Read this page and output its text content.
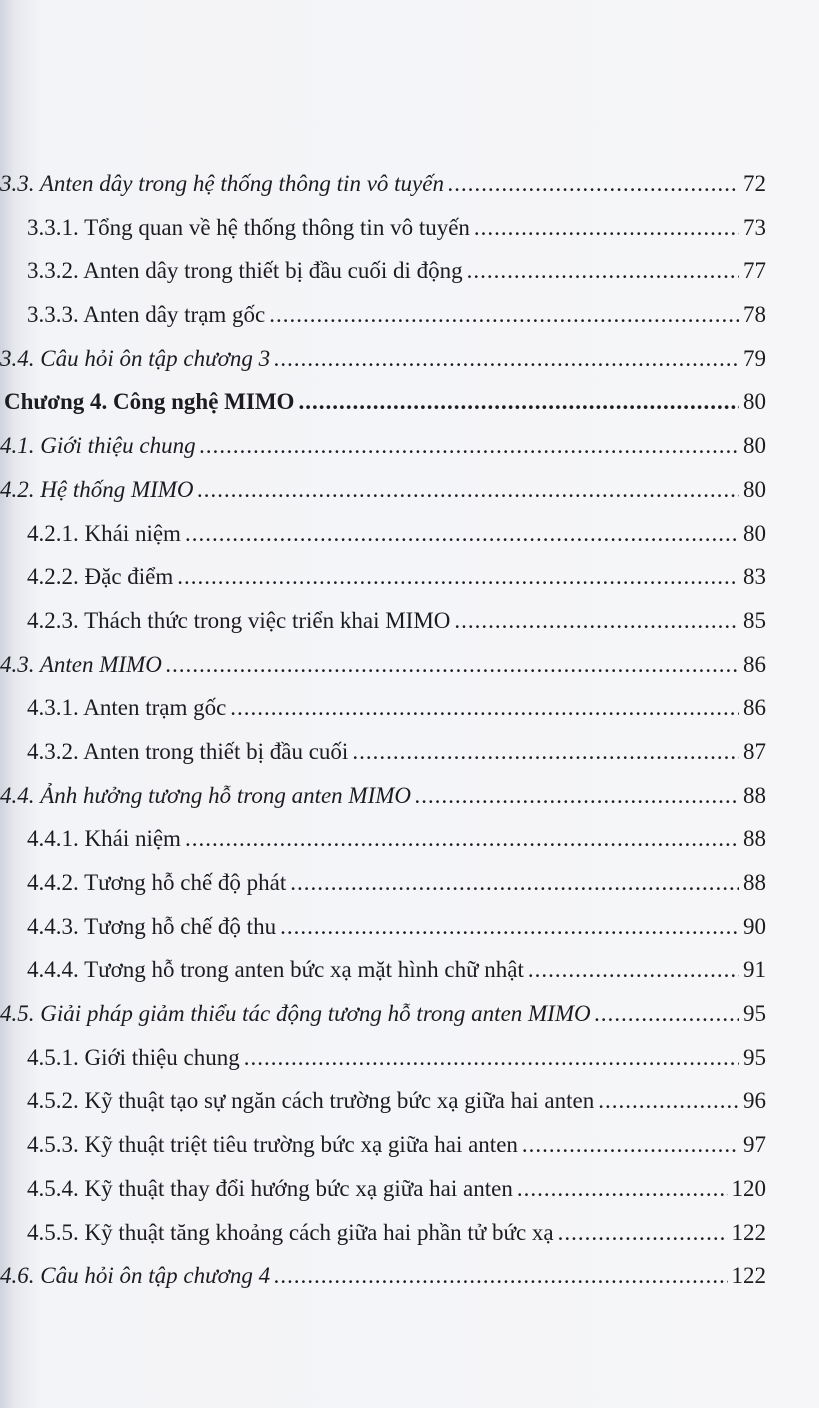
3.3. Anten dây trong hệ thống thông tin vô tuyến .....	72
3.3.1. Tổng quan về hệ thống thông tin vô tuyến .....	73
3.3.2. Anten dây trong thiết bị đầu cuối di động .....	77
3.3.3. Anten dây trạm gốc .....	78
3.4. Câu hỏi ôn tập chương 3 .....	79
Chương 4. Công nghệ MIMO .....	80
4.1. Giới thiệu chung .....	80
4.2. Hệ thống MIMO .....	80
4.2.1. Khái niệm .....	80
4.2.2. Đặc điểm .....	83
4.2.3. Thách thức trong việc triển khai MIMO .....	85
4.3. Anten MIMO .....	86
4.3.1. Anten trạm gốc .....	86
4.3.2. Anten trong thiết bị đầu cuối .....	87
4.4. Ảnh hưởng tương hỗ trong anten MIMO .....	88
4.4.1. Khái niệm .....	88
4.4.2. Tương hỗ chế độ phát .....	88
4.4.3. Tương hỗ chế độ thu .....	90
4.4.4. Tương hỗ trong anten bức xạ mặt hình chữ nhật .....	91
4.5. Giải pháp giảm thiểu tác động tương hỗ trong anten MIMO .....	95
4.5.1. Giới thiệu chung .....	95
4.5.2. Kỹ thuật tạo sự ngăn cách trường bức xạ giữa hai anten .....	96
4.5.3. Kỹ thuật triệt tiêu trường bức xạ giữa hai anten .....	97
4.5.4. Kỹ thuật thay đổi hướng bức xạ giữa hai anten .....	120
4.5.5. Kỹ thuật tăng khoảng cách giữa hai phần tử bức xạ .....	122
4.6. Câu hỏi ôn tập chương 4 .....	122
